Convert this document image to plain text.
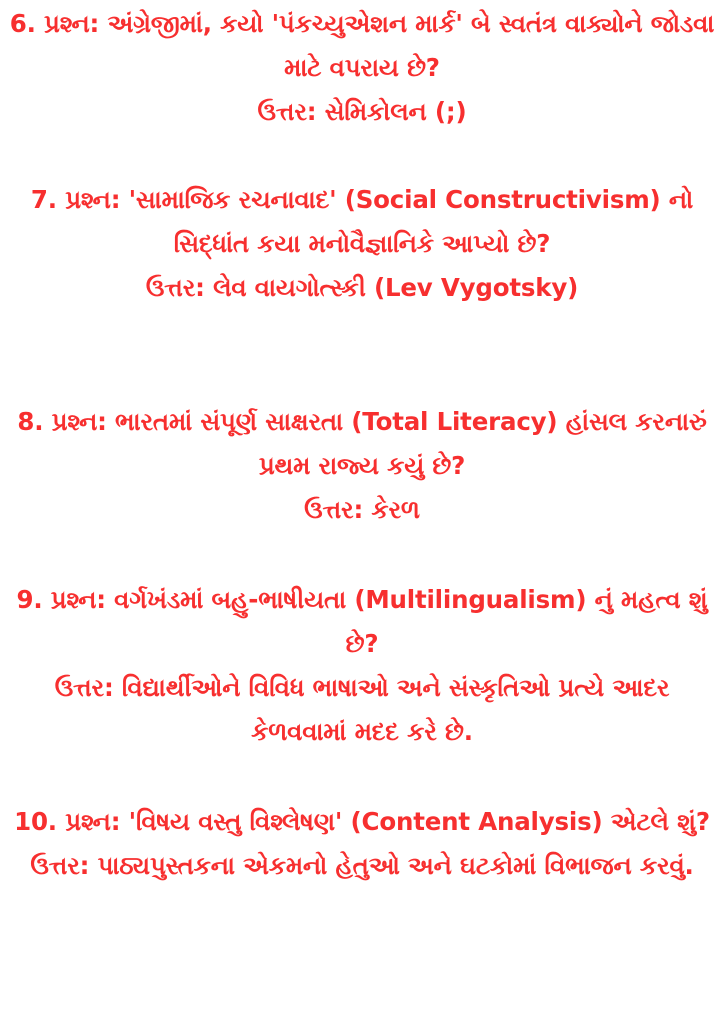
6. પ્રશ્ન: અંગ્રેજીમાં, કયો 'પંકચ્યુએશન માર્ક' બે સ્વતંત્ર વાક્યોને જોડવા માટે વપરાય છે?

ઉત્તર: સેમિકોલન (;)

7. પ્રશ્ન: 'સામાજિક રચનાવાદ' (Social Constructivism) નો સિદ્ધાંત કયા મનોવૈજ્ઞાનિકે આપ્યો છે?

ઉત્તર: લેવ વાયગોત્સ્કી (Lev Vygotsky)

8. પ્રશ્ન: ભારતમાં સંપૂર્ણ સાક્ષરતા (Total Literacy) હાંસલ કરનારું પ્રથમ રાજ્ય કયું છે?

ઉત્તર: કેરળ

9. પ્રશ્ન: વર્ગખંડમાં બહુ-ભાષીયતા (Multilingualism) નું મહત્વ શું છે?

ઉત્તર: વિદ્યાર્થીઓને વિવિધ ભાષાઓ અને સંસ્કૃતિઓ પ્રત્યે આદર કેળવવામાં મદદ કરે છે.

10. પ્રશ્ન: 'વિષય વસ્તુ વિશ્લેષણ' (Content Analysis) એટલે શું?

ઉત્તર: પાઠ્યપુસ્તકના એકમનો હેતુઓ અને ઘટકોમાં વિભાજન કરવું.
